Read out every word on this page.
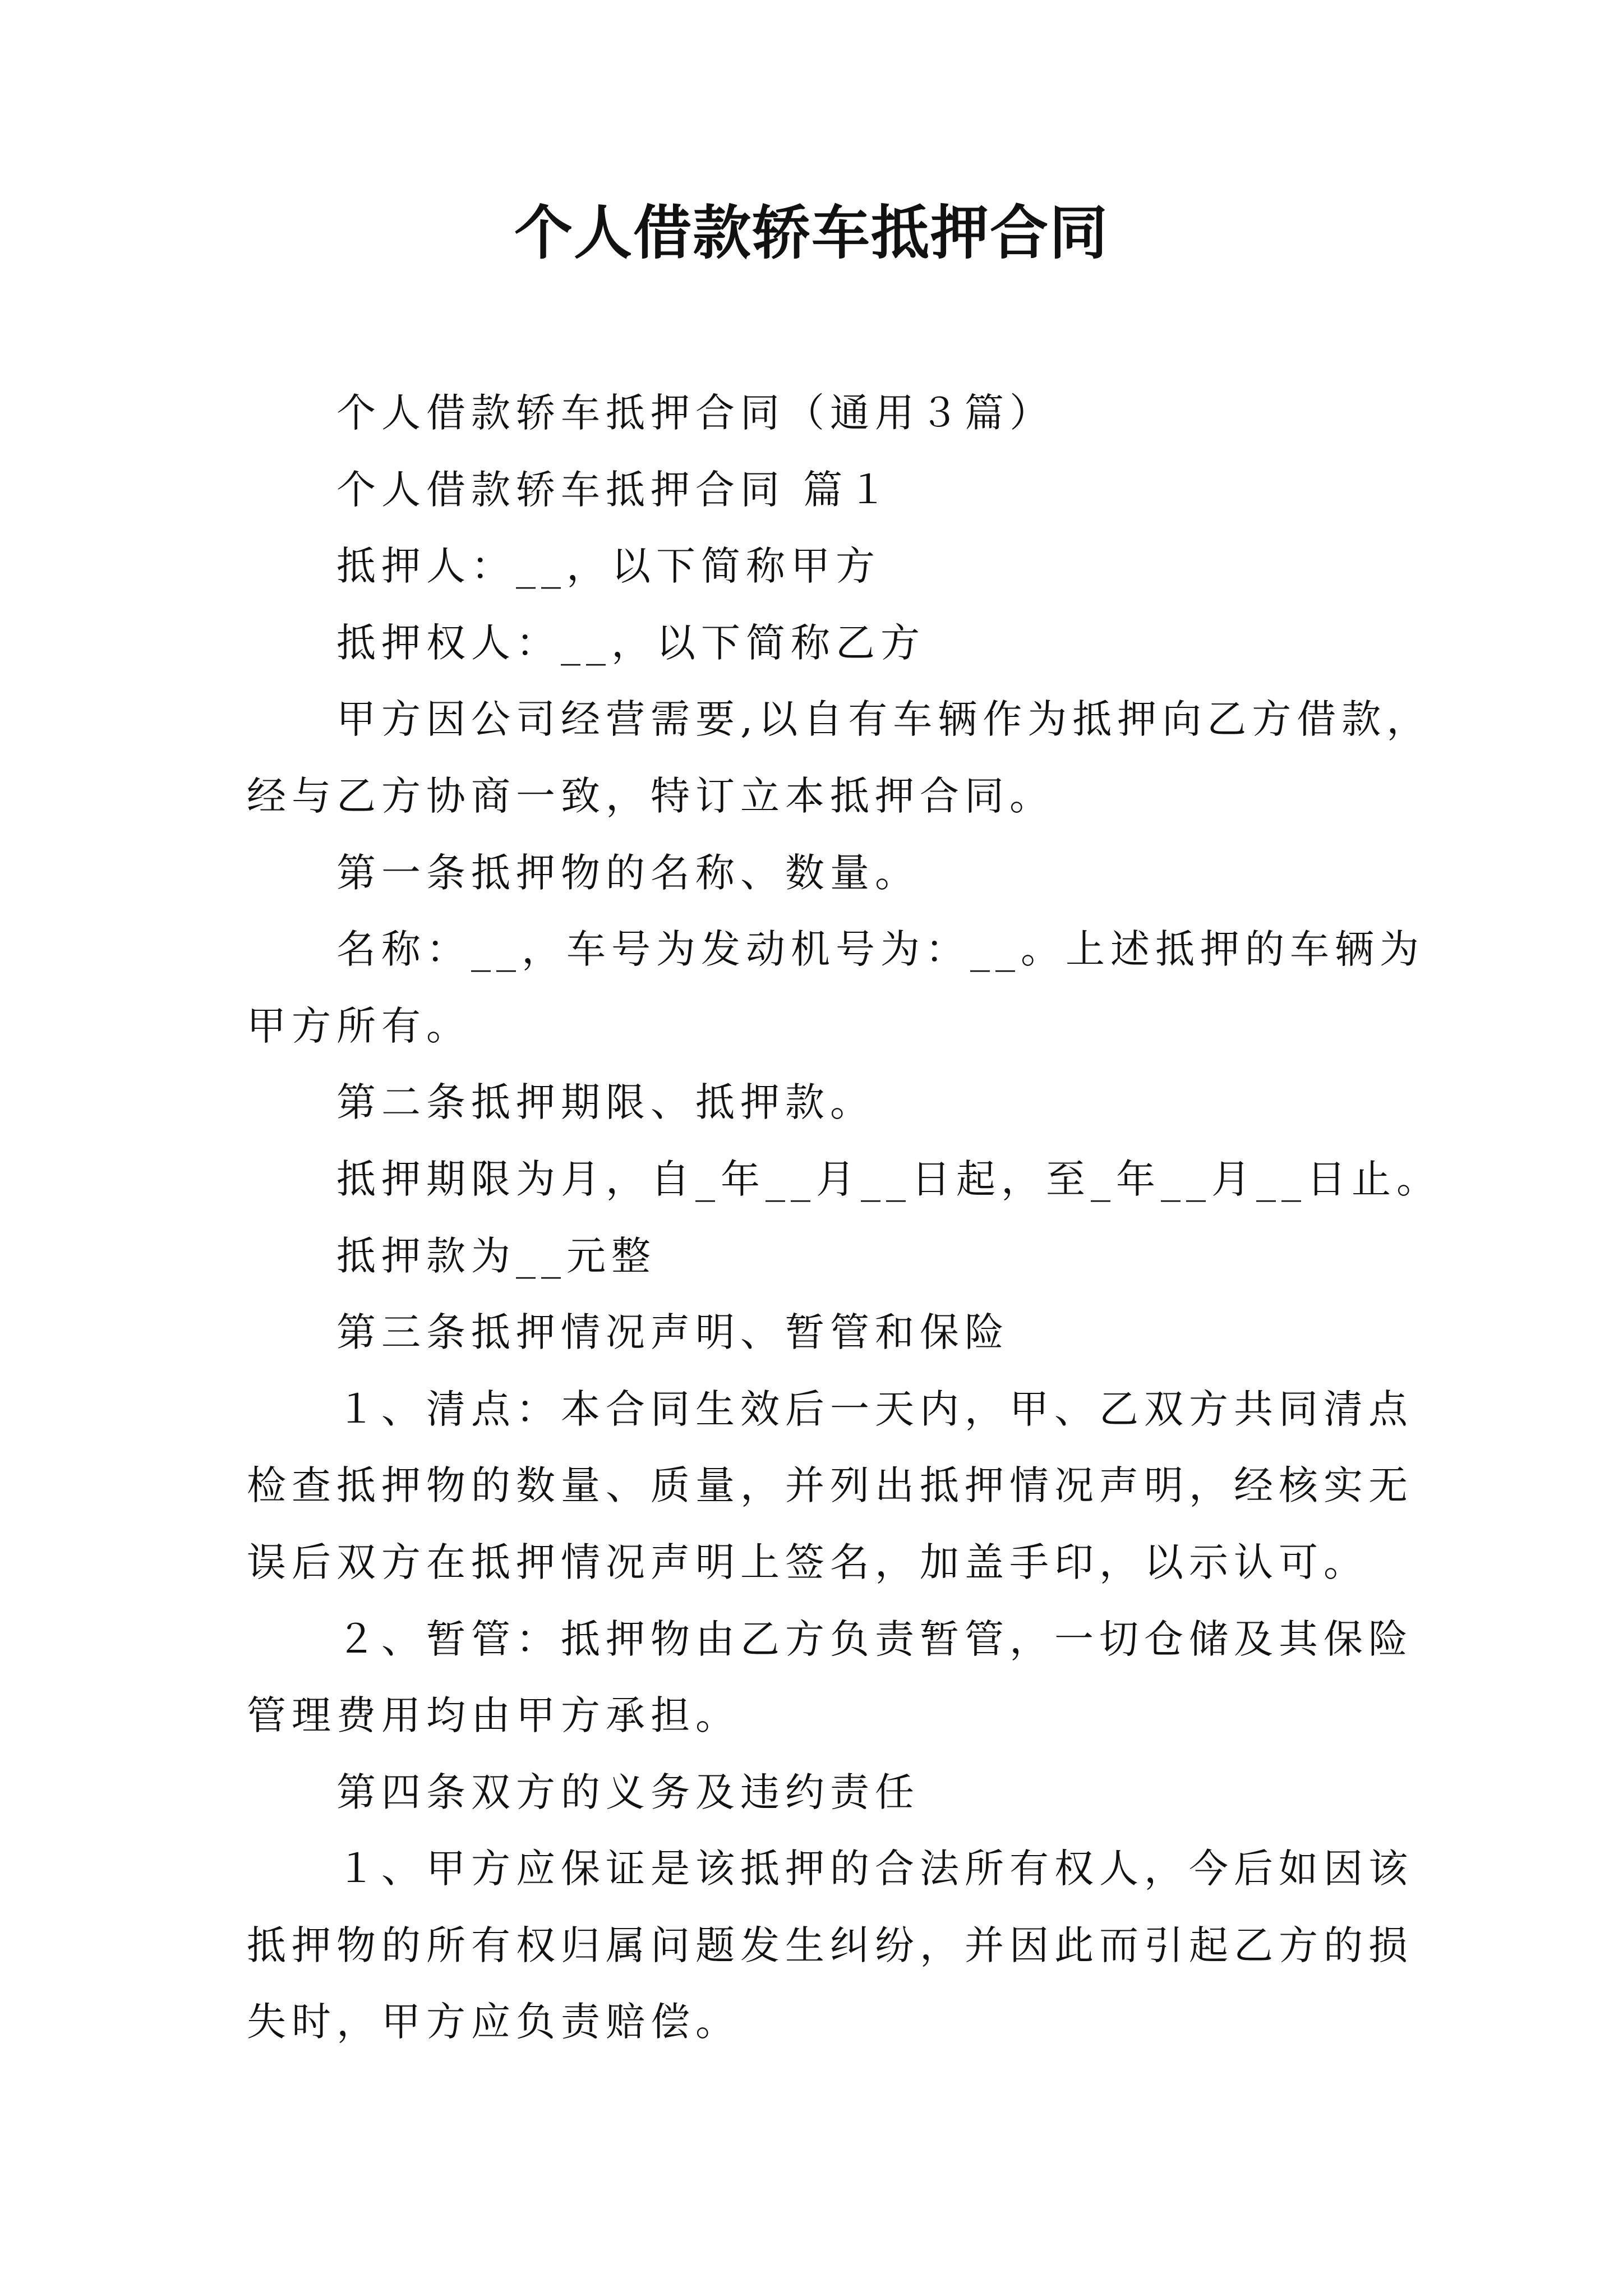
个人借款轿车抵押合同

个人借款轿车抵押合同（通用３篇）

个人借款轿车抵押合同 篇１

抵押人：__，以下简称甲方

抵押权人：__，以下简称乙方

甲方因公司经营需要,以自有车辆作为抵押向乙方借款，

经与乙方协商一致，特订立本抵押合同。

第一条抵押物的名称、数量。

名称：__，车号为发动机号为：__。上述抵押的车辆为

甲方所有。

第二条抵押期限、抵押款。

抵押期限为月，自_年__月__日起，至_年__月__日止。

抵押款为__元整

第三条抵押情况声明、暂管和保险

１、清点：本合同生效后一天内，甲、乙双方共同清点

检查抵押物的数量、质量，并列出抵押情况声明，经核实无

误后双方在抵押情况声明上签名，加盖手印，以示认可。

２、暂管：抵押物由乙方负责暂管，一切仓储及其保险

管理费用均由甲方承担。

第四条双方的义务及违约责任

１、甲方应保证是该抵押的合法所有权人，今后如因该

抵押物的所有权归属问题发生纠纷，并因此而引起乙方的损

失时，甲方应负责赔偿。
